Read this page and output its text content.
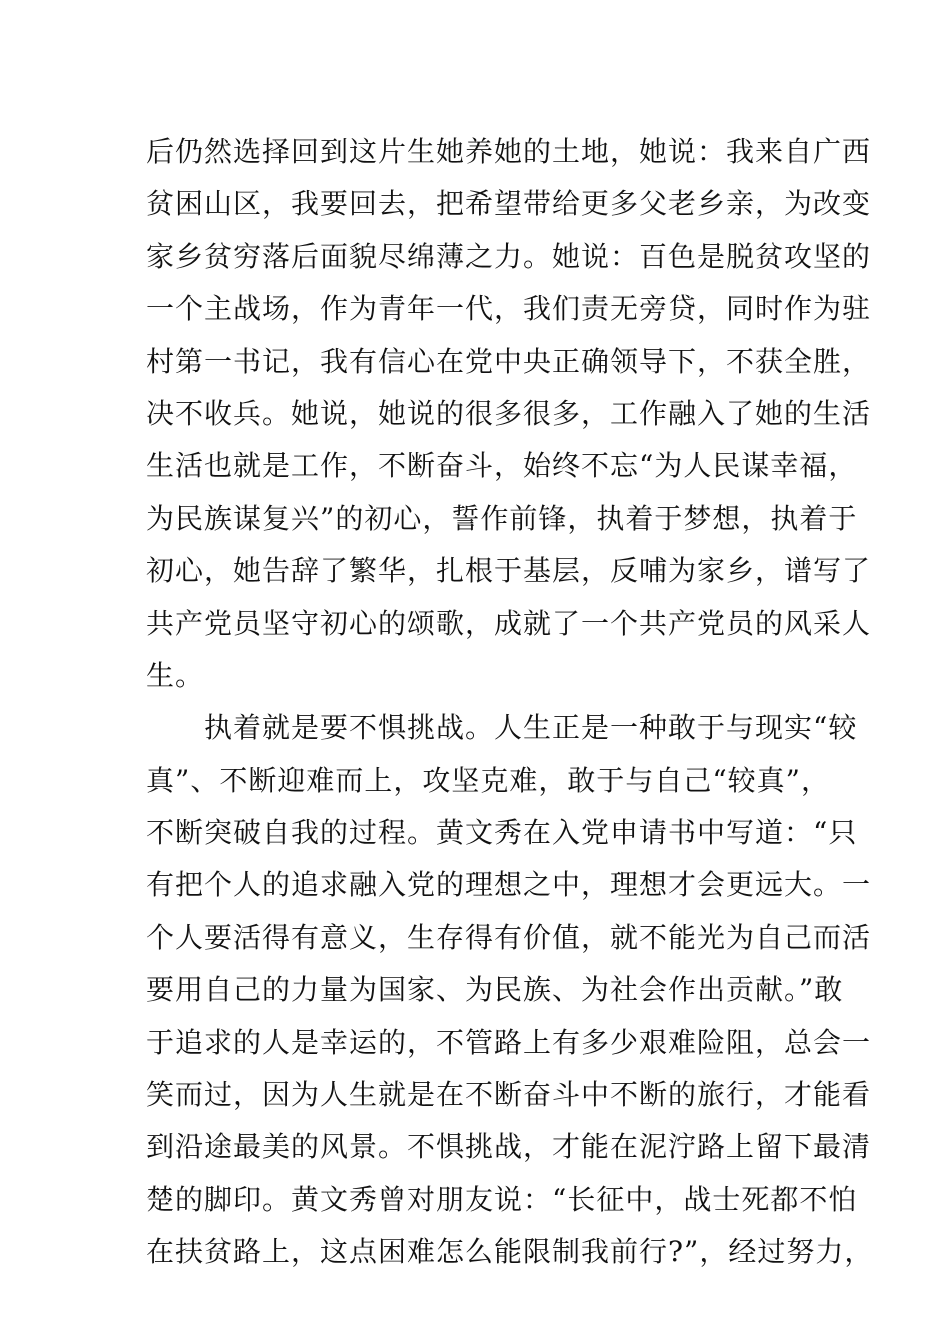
后仍然选择回到这片生她养她的土地，她说：我来自广西
贫困山区，我要回去，把希望带给更多父老乡亲，为改变
家乡贫穷落后面貌尽绵薄之力。她说：百色是脱贫攻坚的
一个主战场，作为青年一代，我们责无旁贷，同时作为驻
村第一书记，我有信心在党中央正确领导下，不获全胜，
决不收兵。她说，她说的很多很多，工作融入了她的生活
生活也就是工作，不断奋斗，始终不忘“为人民谋幸福，
为民族谋复兴”的初心，誓作前锋，执着于梦想，执着于
初心，她告辞了繁华，扎根于基层，反哺为家乡，谱写了
共产党员坚守初心的颂歌，成就了一个共产党员的风采人
生。
　　执着就是要不惧挑战。人生正是一种敢于与现实“较
真”、不断迎难而上，攻坚克难，敢于与自己“较真”，
不断突破自我的过程。黄文秀在入党申请书中写道：“只
有把个人的追求融入党的理想之中，理想才会更远大。一
个人要活得有意义，生存得有价值，就不能光为自己而活
要用自己的力量为国家、为民族、为社会作出贡献。”敢
于追求的人是幸运的，不管路上有多少艰难险阻，总会一
笑而过，因为人生就是在不断奋斗中不断的旅行，才能看
到沿途最美的风景。不惧挑战，才能在泥泞路上留下最清
楚的脚印。黄文秀曾对朋友说：“长征中，战士死都不怕
在扶贫路上，这点困难怎么能限制我前行?”，经过努力，
